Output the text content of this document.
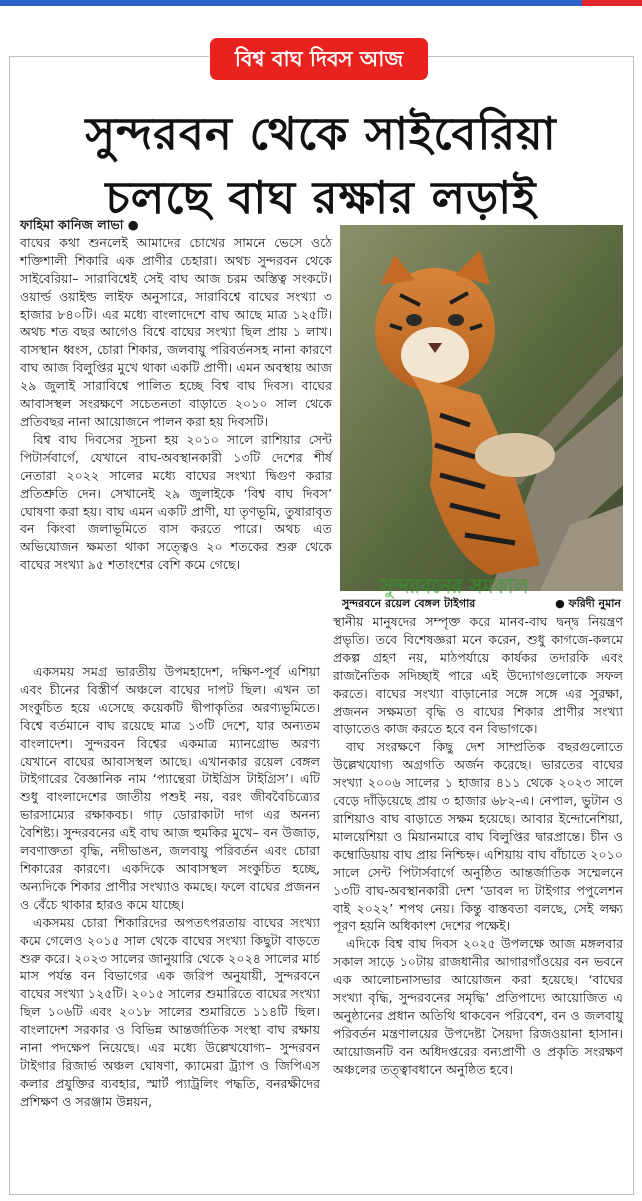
বিশ্ব বাঘ দিবস আজ
সুন্দরবন থেকে সাইবেরিয়া
চলছে বাঘ রক্ষার লড়াই

ফাহিমা কানিজ লাভা ●

বাঘের কথা শুনলেই আমাদের চোখের সামনে ভেসে ওঠে শক্তিশালী শিকারি এক প্রাণীর চেহারা। অথচ সুন্দরবন থেকে সাইবেরিয়া– সারাবিশ্বেই সেই বাঘ আজ চরম অস্তিত্ব সংকটে। ওয়ার্ল্ড ওয়াইল্ড লাইফ অনুসারে, সারাবিশ্বে বাঘের সংখ্যা ৩ হাজার ৮৪০টি। এর মধ্যে বাংলাদেশে বাঘ আছে মাত্র ১২৫টি। অথচ শত বছর আগেও বিশ্বে বাঘের সংখ্যা ছিল প্রায় ১ লাখ। বাসস্থান ধ্বংস, চোরা শিকার, জলবায়ু পরিবর্তনসহ নানা কারণে বাঘ আজ বিলুপ্তির মুখে থাকা একটি প্রাণী। এমন অবস্থায় আজ ২৯ জুলাই সারাবিশ্বে পালিত হচ্ছে বিশ্ব বাঘ দিবস। বাঘের আবাসস্থল সংরক্ষণে সচেতনতা বাড়াতে ২০১০ সাল থেকে প্রতিবছর নানা আয়োজনে পালন করা হয় দিবসটি।

বিশ্ব বাঘ দিবসের সূচনা হয় ২০১০ সালে রাশিয়ার সেন্ট পিটার্সবার্গে, যেখানে বাঘ-অবস্থানকারী ১৩টি দেশের শীর্ষ নেতারা ২০২২ সালের মধ্যে বাঘের সংখ্যা দ্বিগুণ করার প্রতিশ্রুতি দেন। সেখানেই ২৯ জুলাইকে ‘বিশ্ব বাঘ দিবস’ ঘোষণা করা হয়। বাঘ এমন একটি প্রাণী, যা তৃণভূমি, তুষারাবৃত বন কিংবা জলাভূমিতে বাস করতে পারে। অথচ এত অভিযোজন ক্ষমতা থাকা সত্ত্বেও ২০ শতকের শুরু থেকে বাঘের সংখ্যা ৯৫ শতাংশের বেশি কমে গেছে।

একসময় সমগ্র ভারতীয় উপমহাদেশ, দক্ষিণ-পূর্ব এশিয়া এবং চীনের বিস্তীর্ণ অঞ্চলে বাঘের দাপট ছিল। এখন তা সংকুচিত হয়ে এসেছে কয়েকটি দ্বীপাকৃতির অরণ্যভূমিতে। বিশ্বে বর্তমানে বাঘ রয়েছে মাত্র ১৩টি দেশে, যার অন্যতম বাংলাদেশ। সুন্দরবন বিশ্বের একমাত্র ম্যানগ্রোভ অরণ্য যেখানে বাঘের আবাসস্থল আছে। এখানকার রয়েল বেঙ্গল টাইগারের বৈজ্ঞানিক নাম ‘প্যান্থেরা টাইগ্রিস টাইগ্রিস’। এটি শুধু বাংলাদেশের জাতীয় পশুই নয়, বরং জীববৈচিত্র্যের ভারসাম্যের রক্ষাকবচ। গাঢ় ডোরাকাটা দাগ এর অনন্য বৈশিষ্ট্য। সুন্দরবনের এই বাঘ আজ হুমকির মুখে– বন উজাড়, লবণাক্ততা বৃদ্ধি, নদীভাঙন, জলবায়ু পরিবর্তন এবং চোরা শিকারের কারণে। একদিকে আবাসস্থল সংকুচিত হচ্ছে, অন্যদিকে শিকার প্রাণীর সংখ্যাও কমছে। ফলে বাঘের প্রজনন ও বেঁচে থাকার হারও কমে যাচ্ছে।

একসময় চোরা শিকারিদের অপতৎপরতায় বাঘের সংখ্যা কমে গেলেও ২০১৫ সাল থেকে বাঘের সংখ্যা কিছুটা বাড়তে শুরু করে। ২০২৩ সালের জানুয়ারি থেকে ২০২৪ সালের মার্চ মাস পর্যন্ত বন বিভাগের এক জরিপ অনুযায়ী, সুন্দরবনে বাঘের সংখ্যা ১২৫টি। ২০১৫ সালের শুমারিতে বাঘের সংখ্যা ছিল ১০৬টি এবং ২০১৮ সালের শুমারিতে ১১৪টি ছিল। বাংলাদেশ সরকার ও বিভিন্ন আন্তর্জাতিক সংস্থা বাঘ রক্ষায় নানা পদক্ষেপ নিয়েছে। এর মধ্যে উল্লেখযোগ্য– সুন্দরবন টাইগার রিজার্ভ অঞ্চল ঘোষণা, ক্যামেরা ট্র্যাপ ও জিপিএস কলার প্রযুক্তির ব্যবহার, স্মার্ট প্যাট্রলিং পদ্ধতি, বনরক্ষীদের প্রশিক্ষণ ও সরঞ্জাম উন্নয়ন,

সুন্দরবনের সমকাল
সুন্দরবনে রয়েল বেঙ্গল টাইগার	● ফরিদী নুমান

স্থানীয় মানুষদের সম্পৃক্ত করে মানব-বাঘ দ্বন্দ্ব নিয়ন্ত্রণ প্রভৃতি। তবে বিশেষজ্ঞরা মনে করেন, শুধু কাগজে-কলমে প্রকল্প গ্রহণ নয়, মাঠপর্যায়ে কার্যকর তদারকি এবং রাজনৈতিক সদিচ্ছাই পারে এই উদ্যোগগুলোকে সফল করতে। বাঘের সংখ্যা বাড়ানোর সঙ্গে সঙ্গে এর সুরক্ষা, প্রজনন সক্ষমতা বৃদ্ধি ও বাঘের শিকার প্রাণীর সংখ্যা বাড়াতেও কাজ করতে হবে বন বিভাগকে।

বাঘ সংরক্ষণে কিছু দেশ সাম্প্রতিক বছরগুলোতে উল্লেখযোগ্য অগ্রগতি অর্জন করেছে। ভারতের বাঘের সংখ্যা ২০০৬ সালের ১ হাজার ৪১১ থেকে ২০২৩ সালে বেড়ে দাঁড়িয়েছে প্রায় ৩ হাজার ৬৮২-এ। নেপাল, ভুটান ও রাশিয়াও বাঘ বাড়াতে সক্ষম হয়েছে। আবার ইন্দোনেশিয়া, মালয়েশিয়া ও মিয়ানমারে বাঘ বিলুপ্তির দ্বারপ্রান্তে। চীন ও কম্বোডিয়ায় বাঘ প্রায় নিশ্চিহ্ন। এশিয়ায় বাঘ বাঁচাতে ২০১০ সালে সেন্ট পিটার্সবার্গে অনুষ্ঠিত আন্তর্জাতিক সম্মেলনে ১৩টি বাঘ-অবস্থানকারী দেশ ‘ডাবল দ্য টাইগার পপুলেশন বাই ২০২২’ শপথ নেয়। কিন্তু বাস্তবতা বলছে, সেই লক্ষ্য পূরণ হয়নি অধিকাংশ দেশের পক্ষেই।

এদিকে বিশ্ব বাঘ দিবস ২০২৫ উপলক্ষে আজ মঙ্গলবার সকাল সাড়ে ১০টায় রাজধানীর আগারগাঁওয়ের বন ভবনে এক আলোচনাসভার আয়োজন করা হয়েছে। ‘বাঘের সংখ্যা বৃদ্ধি, সুন্দরবনের সমৃদ্ধি’ প্রতিপাদ্যে আয়োজিত এ অনুষ্ঠানের প্রধান অতিথি থাকবেন পরিবেশ, বন ও জলবায়ু পরিবর্তন মন্ত্রণালয়ের উপদেষ্টা সৈয়দা রিজওয়ানা হাসান। আয়োজনটি বন অধিদপ্তরের বন্যপ্রাণী ও প্রকৃতি সংরক্ষণ অঞ্চলের তত্ত্বাবধানে অনুষ্ঠিত হবে।
